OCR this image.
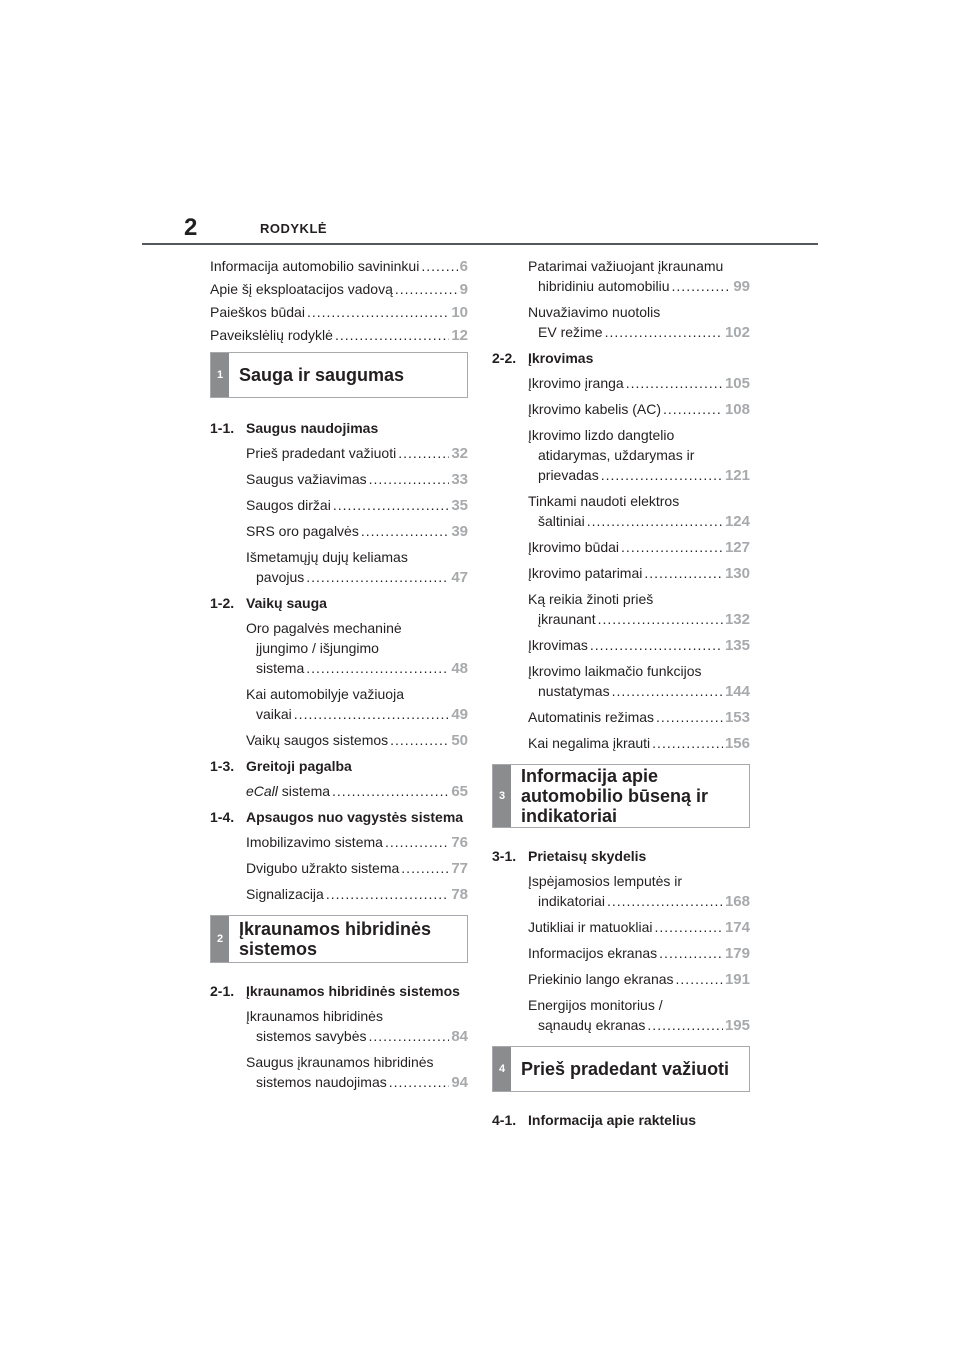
2	RODYKLĖ
Informacija automobilio savininkui .....	6
Apie šį eksploatacijos vadovą .....	9
Paieškos būdai .....	10
Paveikslėlių rodyklė .....	12
1 Sauga ir saugumas
1-1. Saugus naudojimas
Prieš pradedant važiuoti .....	32
Saugus važiavimas .....	33
Saugos diržai .....	35
SRS oro pagalvės .....	39
Išmetamųjų dujų keliamas
pavojus .....	47
1-2. Vaikų sauga
Oro pagalvės mechaninė
įjungimo / išjungimo
sistema .....	48
Kai automobilyje važiuoja
vaikai .....	49
Vaikų saugos sistemos .....	50
1-3. Greitoji pagalba
eCall sistema .....	65
1-4. Apsaugos nuo vagystės sistema
Imobilizavimo sistema .....	76
Dvigubo užrakto sistema .....	77
Signalizacija .....	78
2 Įkraunamos hibridinės sistemos
2-1. Įkraunamos hibridinės sistemos
Įkraunamos hibridinės
sistemos savybės .....	84
Saugus įkraunamos hibridinės
sistemos naudojimas .....	94
Patarimai važiuojant įkraunamu
hibridiniu automobiliu .....	99
Nuvažiavimo nuotolis
EV režime .....	102
2-2. Įkrovimas
Įkrovimo įranga .....	105
Įkrovimo kabelis (AC) .....	108
Įkrovimo lizdo dangtelio
atidarymas, uždarymas ir
prievadas .....	121
Tinkami naudoti elektros
šaltiniai .....	124
Įkrovimo būdai .....	127
Įkrovimo patarimai .....	130
Ką reikia žinoti prieš
įkraunant .....	132
Įkrovimas .....	135
Įkrovimo laikmačio funkcijos
nustatymas .....	144
Automatinis režimas .....	153
Kai negalima įkrauti .....	156
3
Informacija apie automobilio būseną ir indikatoriai
3-1. Prietaisų skydelis
Įspėjamosios lemputės ir
indikatoriai .....	168
Jutikliai ir matuokliai .....	174
Informacijos ekranas .....	179
Priekinio lango ekranas .....	191
Energijos monitorius /
sąnaudų ekranas .....	195
4 Prieš pradedant važiuoti
4-1. Informacija apie raktelius
